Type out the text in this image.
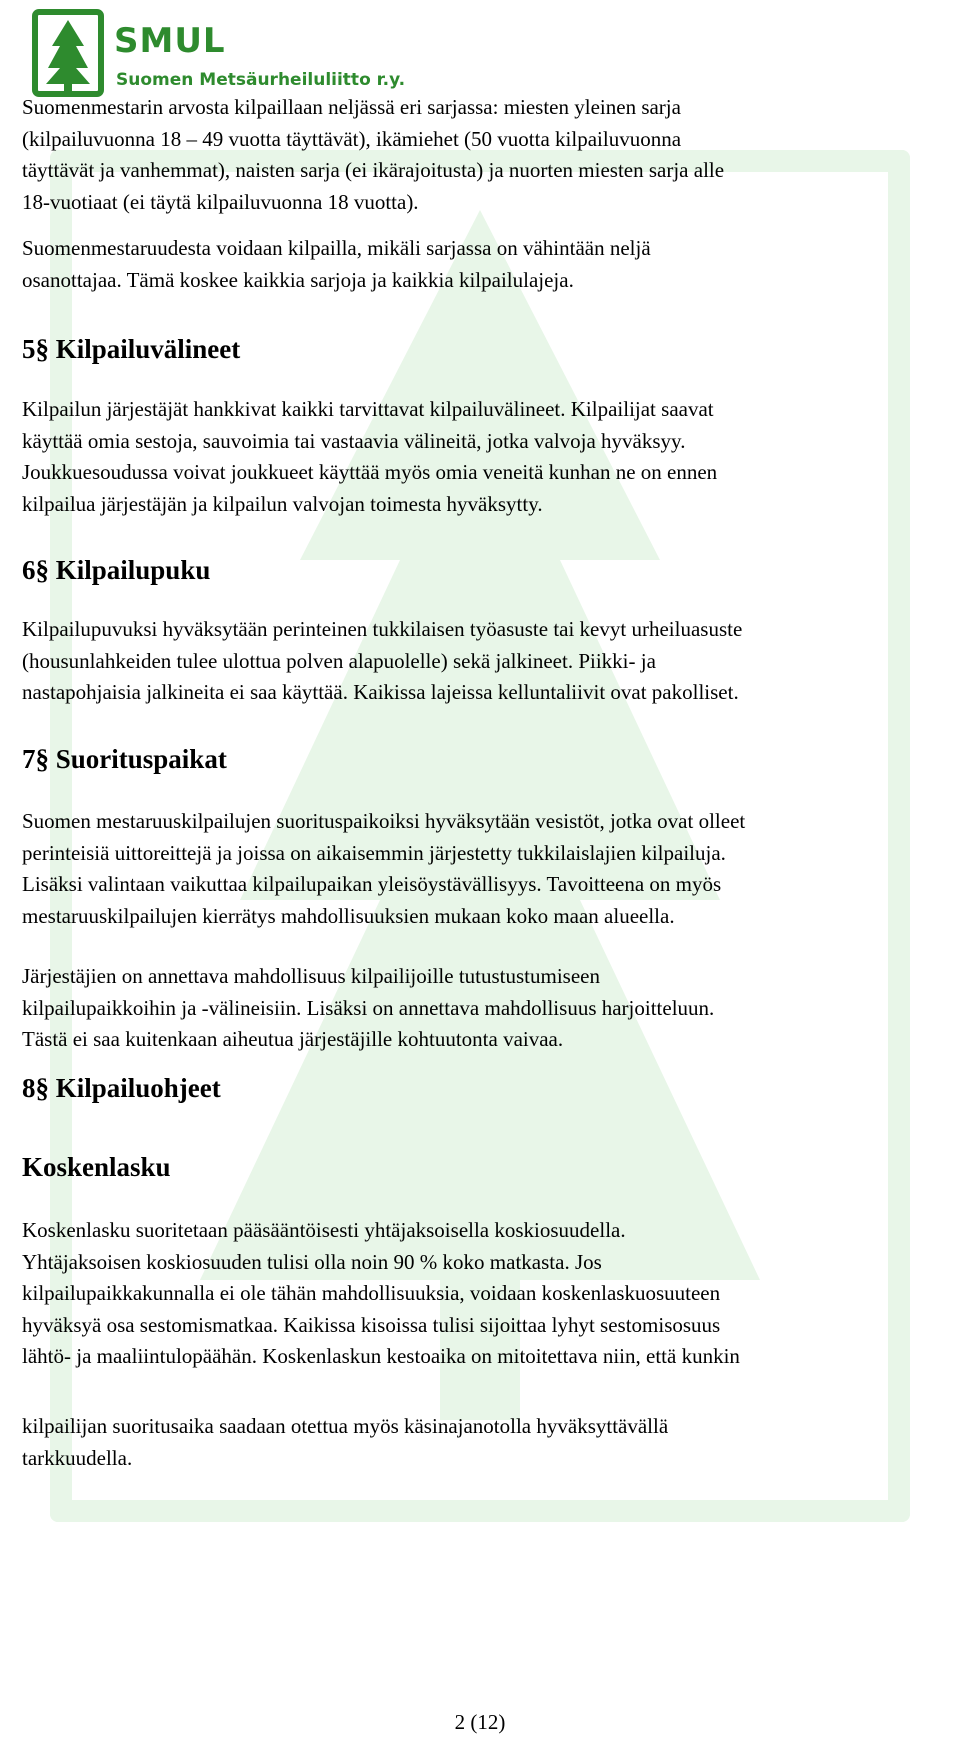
SMUL

Suomen Metsäurheiluliitto r.y.

Suomenmestarin arvosta kilpaillaan neljässä eri sarjassa: miesten yleinen sarja
(kilpailuvuonna 18 – 49 vuotta täyttävät), ikämiehet (50 vuotta kilpailuvuonna
täyttävät ja vanhemmat), naisten sarja (ei ikärajoitusta) ja nuorten miesten sarja alle
18-vuotiaat (ei täytä kilpailuvuonna 18 vuotta).

Suomenmestaruudesta voidaan kilpailla, mikäli sarjassa on vähintään neljä
osanottajaa. Tämä koskee kaikkia sarjoja ja kaikkia kilpailulajeja.

5§ Kilpailuvälineet

Kilpailun järjestäjät hankkivat kaikki tarvittavat kilpailuvälineet. Kilpailijat saavat
käyttää omia sestoja, sauvoimia tai vastaavia välineitä, jotka valvoja hyväksyy.
Joukkuesoudussa voivat joukkueet käyttää myös omia veneitä kunhan ne on ennen
kilpailua järjestäjän ja kilpailun valvojan toimesta hyväksytty.

6§ Kilpailupuku

Kilpailupuvuksi hyväksytään perinteinen tukkilaisen työasuste tai kevyt urheiluasuste
(housunlahkeiden tulee ulottua polven alapuolelle) sekä jalkineet. Piikki- ja
nastapohjaisia jalkineita ei saa käyttää. Kaikissa lajeissa kelluntaliivit ovat pakolliset.

7§ Suorituspaikat

Suomen mestaruuskilpailujen suorituspaikoiksi hyväksytään vesistöt, jotka ovat olleet
perinteisiä uittoreittejä ja joissa on aikaisemmin järjestetty tukkilaislajien kilpailuja.
Lisäksi valintaan vaikuttaa kilpailupaikan yleisöystävällisyys. Tavoitteena on myös
mestaruuskilpailujen kierrätys mahdollisuuksien mukaan koko maan alueella.

Järjestäjien on annettava mahdollisuus kilpailijoille tutustustumiseen
kilpailupaikkoihin ja -välineisiin. Lisäksi on annettava mahdollisuus harjoitteluun.
Tästä ei saa kuitenkaan aiheutua järjestäjille kohtuutonta vaivaa.

8§ Kilpailuohjeet
Koskenlasku

Koskenlasku suoritetaan pääsääntöisesti yhtäjaksoisella koskiosuudella.
Yhtäjaksoisen koskiosuuden tulisi olla noin 90 % koko matkasta. Jos
kilpailupaikkakunnalla ei ole tähän mahdollisuuksia, voidaan koskenlaskuosuuteen
hyväksyä osa sestomismatkaa. Kaikissa kisoissa tulisi sijoittaa lyhyt sestomisosuus
lähtö- ja maaliintulopäähän. Koskenlaskun kestoaika on mitoitettava niin, että kunkin

kilpailijan suoritusaika saadaan otettua myös käsinajanotolla hyväksyttävällä
tarkkuudella.

2 (12)
